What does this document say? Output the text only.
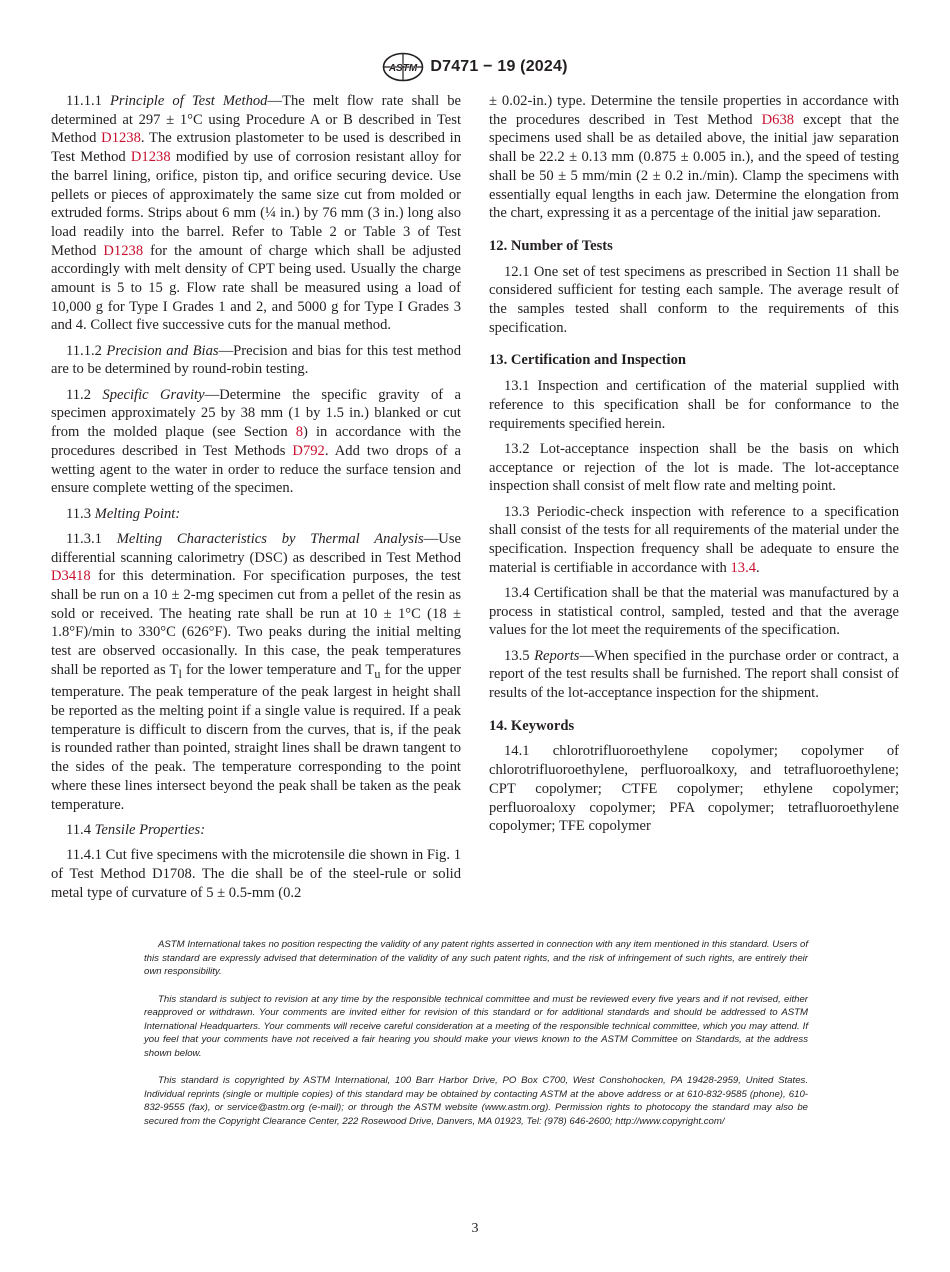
ASTM D7471 − 19 (2024)

11.1.1 Principle of Test Method—The melt flow rate shall be determined at 297 ± 1°C using Procedure A or B described in Test Method D1238. The extrusion plastometer to be used is described in Test Method D1238 modified by use of corrosion resistant alloy for the barrel lining, orifice, piston tip, and orifice securing device. Use pellets or pieces of approximately the same size cut from molded or extruded forms. Strips about 6 mm (¼ in.) by 76 mm (3 in.) long also load readily into the barrel. Refer to Table 2 or Table 3 of Test Method D1238 for the amount of charge which shall be adjusted accordingly with melt density of CPT being used. Usually the charge amount is 5 to 15 g. Flow rate shall be measured using a load of 10,000 g for Type I Grades 1 and 2, and 5000 g for Type I Grades 3 and 4. Collect five successive cuts for the manual method.

11.1.2 Precision and Bias—Precision and bias for this test method are to be determined by round-robin testing.

11.2 Specific Gravity—Determine the specific gravity of a specimen approximately 25 by 38 mm (1 by 1.5 in.) blanked or cut from the molded plaque (see Section 8) in accordance with the procedures described in Test Methods D792. Add two drops of a wetting agent to the water in order to reduce the surface tension and ensure complete wetting of the specimen.

11.3 Melting Point:

11.3.1 Melting Characteristics by Thermal Analysis—Use differential scanning calorimetry (DSC) as described in Test Method D3418 for this determination. For specification purposes, the test shall be run on a 10 ± 2-mg specimen cut from a pellet of the resin as sold or received. The heating rate shall be run at 10 ± 1°C (18 ± 1.8°F)/min to 330°C (626°F). Two peaks during the initial melting test are observed occasionally. In this case, the peak temperatures shall be reported as $T_l$ for the lower temperature and $T_u$ for the upper temperature. The peak temperature of the peak largest in height shall be reported as the melting point if a single value is required. If a peak temperature is difficult to discern from the curves, that is, if the peak is rounded rather than pointed, straight lines shall be drawn tangent to the sides of the peak. The temperature corresponding to the point where these lines intersect beyond the peak shall be taken as the peak temperature.

11.4 Tensile Properties:

11.4.1 Cut five specimens with the microtensile die shown in Fig. 1 of Test Method D1708. The die shall be of the steel-rule or solid metal type of curvature of 5 ± 0.5-mm (0.2

± 0.02-in.) type. Determine the tensile properties in accordance with the procedures described in Test Method D638 except that the specimens used shall be as detailed above, the initial jaw separation shall be 22.2 ± 0.13 mm (0.875 ± 0.005 in.), and the speed of testing shall be 50 ± 5 mm/min (2 ± 0.2 in./min). Clamp the specimens with essentially equal lengths in each jaw. Determine the elongation from the chart, expressing it as a percentage of the initial jaw separation.

12. Number of Tests

12.1 One set of test specimens as prescribed in Section 11 shall be considered sufficient for testing each sample. The average result of the samples tested shall conform to the requirements of this specification.

13. Certification and Inspection

13.1 Inspection and certification of the material supplied with reference to this specification shall be for conformance to the requirements specified herein.

13.2 Lot-acceptance inspection shall be the basis on which acceptance or rejection of the lot is made. The lot-acceptance inspection shall consist of melt flow rate and melting point.

13.3 Periodic-check inspection with reference to a specification shall consist of the tests for all requirements of the material under the specification. Inspection frequency shall be adequate to ensure the material is certifiable in accordance with 13.4.

13.4 Certification shall be that the material was manufactured by a process in statistical control, sampled, tested and that the average values for the lot meet the requirements of the specification.

13.5 Reports—When specified in the purchase order or contract, a report of the test results shall be furnished. The report shall consist of results of the lot-acceptance inspection for the shipment.

14. Keywords

14.1 chlorotrifluoroethylene copolymer; copolymer of chlorotrifluoroethylene, perfluoroalkoxy, and tetrafluoroethylene; CPT copolymer; CTFE copolymer; ethylene copolymer; perfluoroaloxy copolymer; PFA copolymer; tetrafluoroethylene copolymer; TFE copolymer

ASTM International takes no position respecting the validity of any patent rights asserted in connection with any item mentioned in this standard. Users of this standard are expressly advised that determination of the validity of any such patent rights, and the risk of infringement of such rights, are entirely their own responsibility.

This standard is subject to revision at any time by the responsible technical committee and must be reviewed every five years and if not revised, either reapproved or withdrawn. Your comments are invited either for revision of this standard or for additional standards and should be addressed to ASTM International Headquarters. Your comments will receive careful consideration at a meeting of the responsible technical committee, which you may attend. If you feel that your comments have not received a fair hearing you should make your views known to the ASTM Committee on Standards, at the address shown below.

This standard is copyrighted by ASTM International, 100 Barr Harbor Drive, PO Box C700, West Conshohocken, PA 19428-2959, United States. Individual reprints (single or multiple copies) of this standard may be obtained by contacting ASTM at the above address or at 610-832-9585 (phone), 610-832-9555 (fax), or service@astm.org (e-mail); or through the ASTM website (www.astm.org). Permission rights to photocopy the standard may also be secured from the Copyright Clearance Center, 222 Rosewood Drive, Danvers, MA 01923, Tel: (978) 646-2600; http://www.copyright.com/

3
